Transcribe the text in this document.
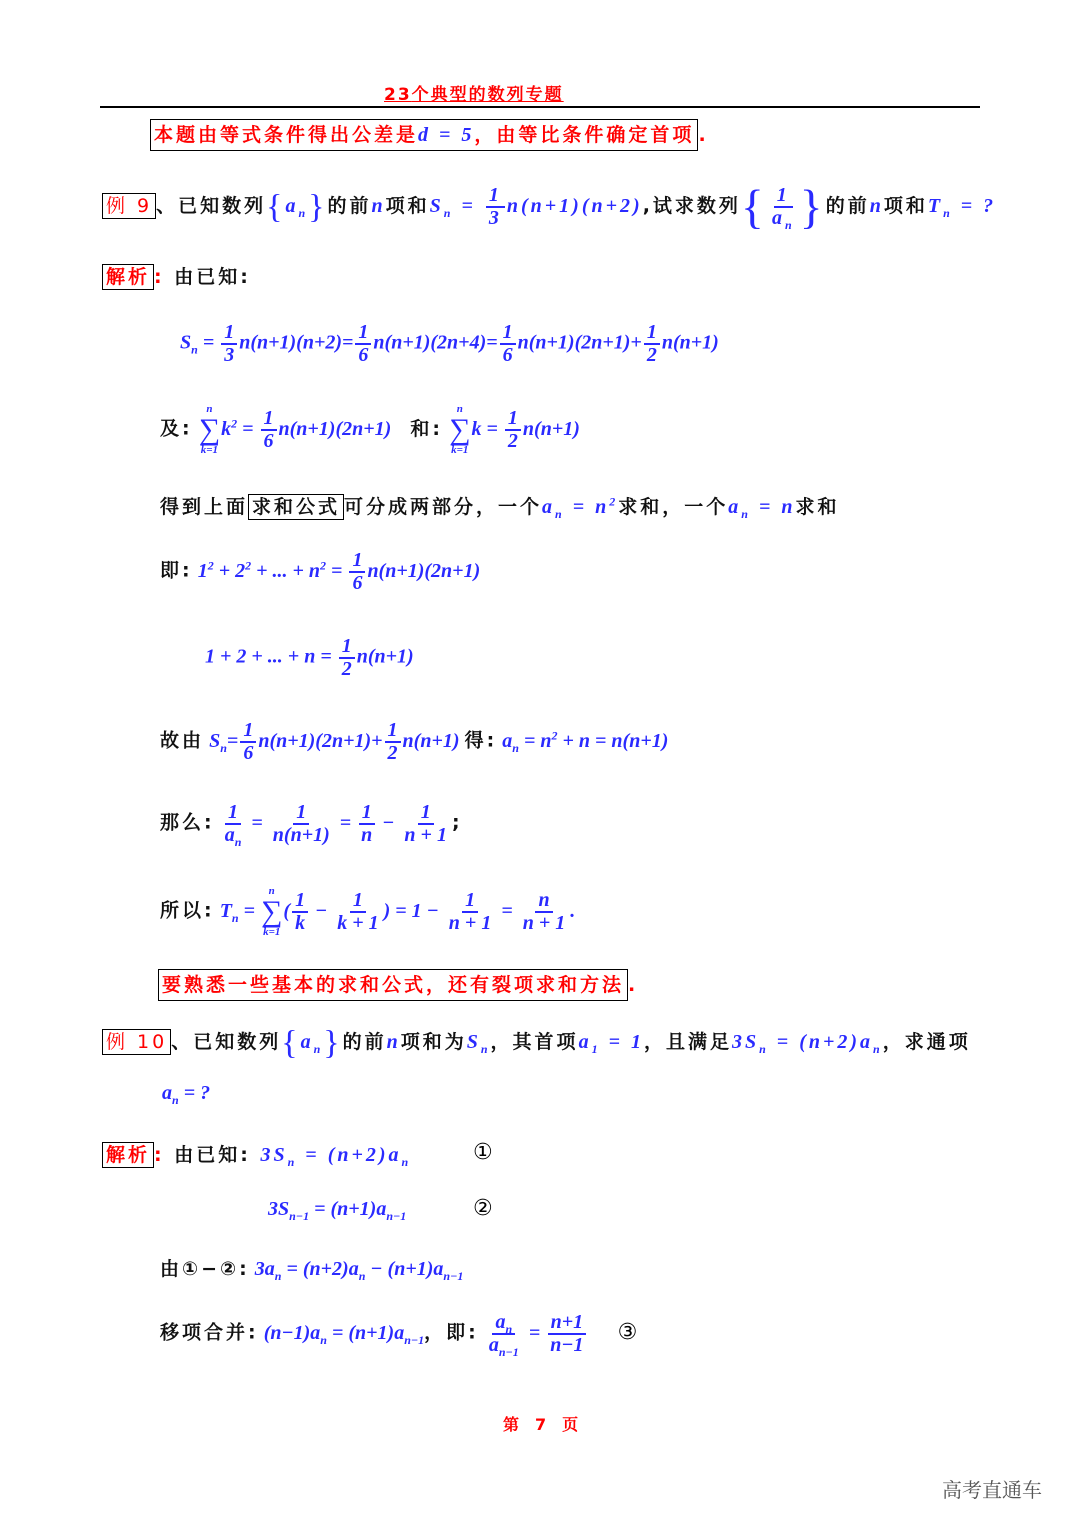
23个典型的数列专题
本题由等式条件得出公差是d = 5，由等比条件确定首项 .
例 9 、已知数列$\{a_n\}$的前n项和$S_n = \frac{1}{3} n(n+1)(n+2)$,试求数列{ $\frac{1}{a_n}$ }的前n项和$T_n$ = ?
解析 : 由已知:
$S_n = \frac{1}{3} n(n+1)(n+2)= \frac{1}{6} n(n+1)(2n+4)= \frac{1}{6} n(n+1)(2n+1)+ \frac{1}{2} n(n+1)$
及:
n
∑
k=1
$k^2 = \frac{1}{6} n(n+1)(2n+1)$ 和:
n
∑
k=1
$k = \frac{1}{2} n(n+1)$
得到上面 求和公式 可分成两部分，一个$a_n = n^2$求和，一个$a_n = n$求和
即: $1^2 + 2^2$ + ... + $n^2 = \frac{1}{6} n(n+1)(2n+1)$
1 + 2 + ... + $n = \frac{1}{2} n(n+1)$
故由 $S_n= \frac{1}{6} n(n+1)(2n+1)+ \frac{1}{2} n(n+1)$ 得: $a_n = n^2 + n = n(n+1)$
那么: $\frac{1}{a_n} = \frac{1}{n(n+1)} = \frac{1}{n} - \frac{1}{n + 1}$ ;
所以: $T_n$ =
n
∑
k=1
( $\frac{1}{k} - \frac{1}{k + 1}$ ) = $1 - \frac{1}{n + 1} = \frac{n}{n + 1}$ .
要熟悉一些基本的求和公式，还有裂项求和方法 .
例 10 、已知数列$\{a_n\}$的前n项和为$S_n$，其首项$a_1 = 1$，且满足$3S_n = (n+2)a_n$，求通项
$a_n$ = ?
解析 : 由已知: $3S_n = (n+2)a_n$	①
$3S_{n-1} = (n+1)a_{n-1}$	②
由①−②: $3a_n = (n+2)a_n - (n+1)a_{n-1}$
移项合并: $(n-1)a_n = (n+1)a_{n-1}$，即: $\frac{a_n}{a_{n-1}} = \frac{n+1}{n-1}$ ③
第　7　页
高考直通车
